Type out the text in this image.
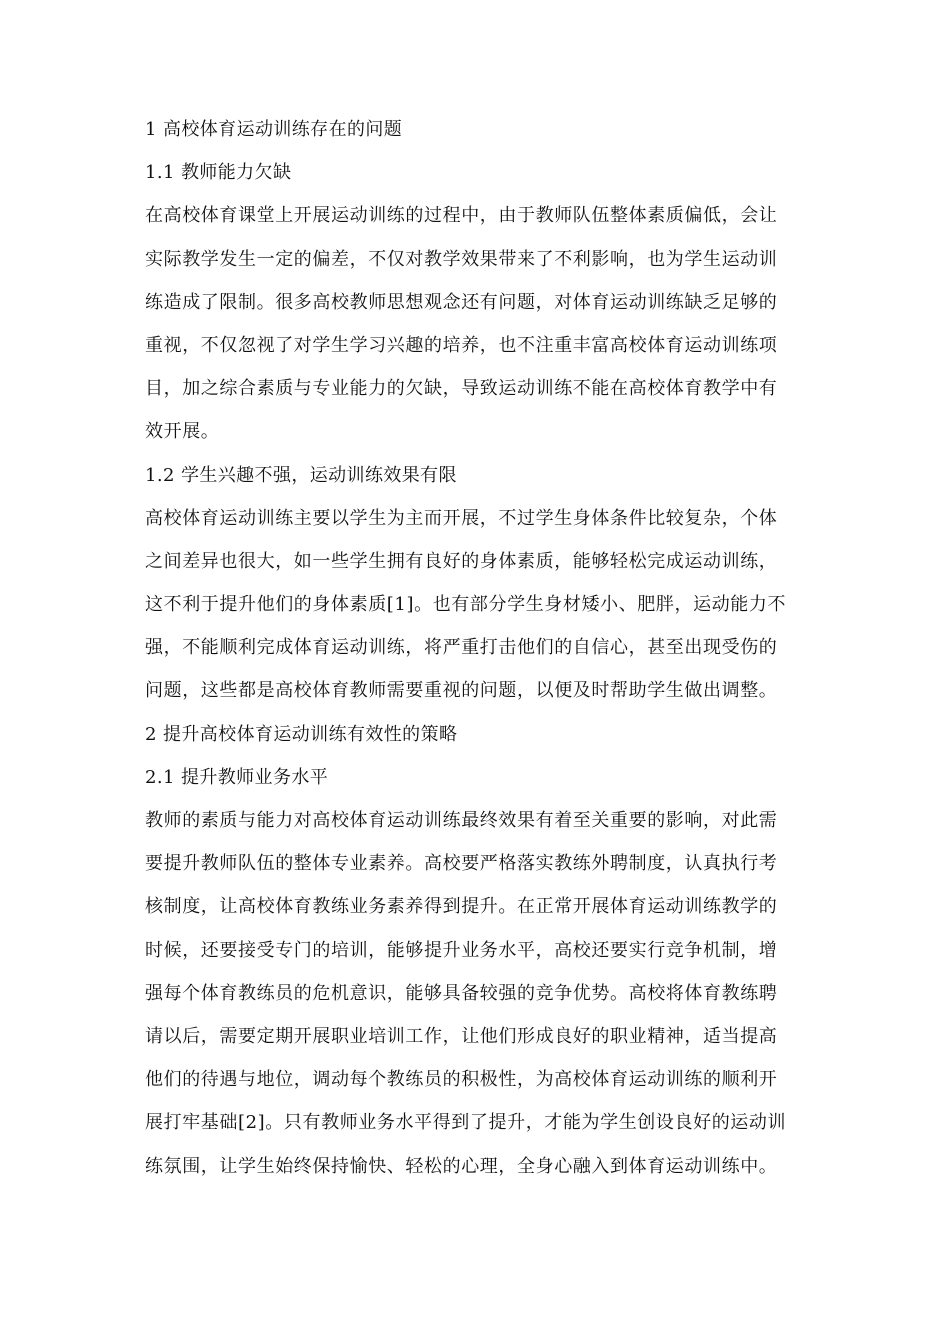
1 高校体育运动训练存在的问题
1.1 教师能力欠缺
在高校体育课堂上开展运动训练的过程中，由于教师队伍整体素质偏低，会让
实际教学发生一定的偏差，不仅对教学效果带来了不利影响，也为学生运动训
练造成了限制。很多高校教师思想观念还有问题，对体育运动训练缺乏足够的
重视，不仅忽视了对学生学习兴趣的培养，也不注重丰富高校体育运动训练项
目，加之综合素质与专业能力的欠缺，导致运动训练不能在高校体育教学中有
效开展。
1.2 学生兴趣不强，运动训练效果有限
高校体育运动训练主要以学生为主而开展，不过学生身体条件比较复杂，个体
之间差异也很大，如一些学生拥有良好的身体素质，能够轻松完成运动训练，
这不利于提升他们的身体素质[1]。也有部分学生身材矮小、肥胖，运动能力不
强，不能顺利完成体育运动训练，将严重打击他们的自信心，甚至出现受伤的
问题，这些都是高校体育教师需要重视的问题，以便及时帮助学生做出调整。
2 提升高校体育运动训练有效性的策略
2.1 提升教师业务水平
教师的素质与能力对高校体育运动训练最终效果有着至关重要的影响，对此需
要提升教师队伍的整体专业素养。高校要严格落实教练外聘制度，认真执行考
核制度，让高校体育教练业务素养得到提升。在正常开展体育运动训练教学的
时候，还要接受专门的培训，能够提升业务水平，高校还要实行竞争机制，增
强每个体育教练员的危机意识，能够具备较强的竞争优势。高校将体育教练聘
请以后，需要定期开展职业培训工作，让他们形成良好的职业精神，适当提高
他们的待遇与地位，调动每个教练员的积极性，为高校体育运动训练的顺利开
展打牢基础[2]。只有教师业务水平得到了提升，才能为学生创设良好的运动训
练氛围，让学生始终保持愉快、轻松的心理，全身心融入到体育运动训练中。
